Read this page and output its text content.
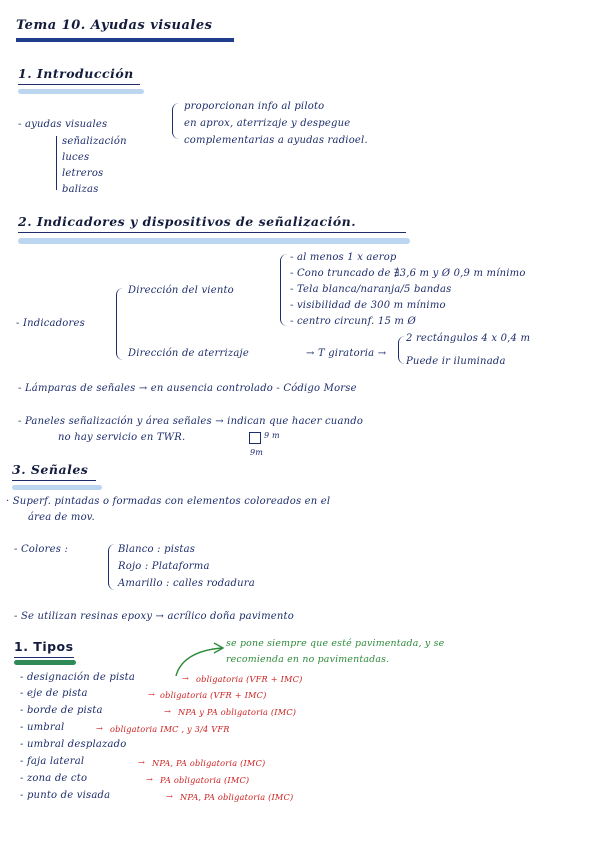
Tema 10. Ayudas visuales
1. Introducción
- ayudas visuales
proporcionan info al piloto
en aprox, aterrizaje y despegue
complementarias a ayudas radioel.
señalización
luces
letreros
balizas
2. Indicadores y dispositivos de señalización.
- Indicadores
Dirección del viento
- al menos 1 x aerop
- Cono truncado de ∄3,6 m y Ø 0,9 m mínimo
- Tela blanca/naranja/5 bandas
- visibilidad de 300 m mínimo
- centro circunf. 15 m Ø
Dirección de aterrizaje	→ T giratoria →
2 rectángulos 4 x 0,4 m
Puede ir iluminada
- Lámparas de señales → en ausencia controlado - Código Morse
- Paneles señalización y área señales → indican que hacer cuando
no hay servicio en TWR.	9 m
9m
3. Señales
· Superf. pintadas o formadas con elementos coloreados en el
área de mov.
- Colores :	Blanco : pistas
Rojo : Plataforma
Amarillo : calles rodadura
- Se utilizan resinas epoxy → acrílico doña pavimento
1. Tipos	se pone siempre que esté pavimentada, y se
recomienda en no pavimentadas.
- designación de pista	→ obligatoria (VFR + IMC)
- eje de pista	→ obligatoria (VFR + IMC)
- borde de pista	→ NPA y PA obligatoria (IMC)
- umbral	→ obligatoria IMC , y 3/4 VFR
- umbral desplazado
- faja lateral	→ NPA, PA obligatoria (IMC)
- zona de cto	→ PA obligatoria (IMC)
- punto de visada	→ NPA, PA obligatoria (IMC)
